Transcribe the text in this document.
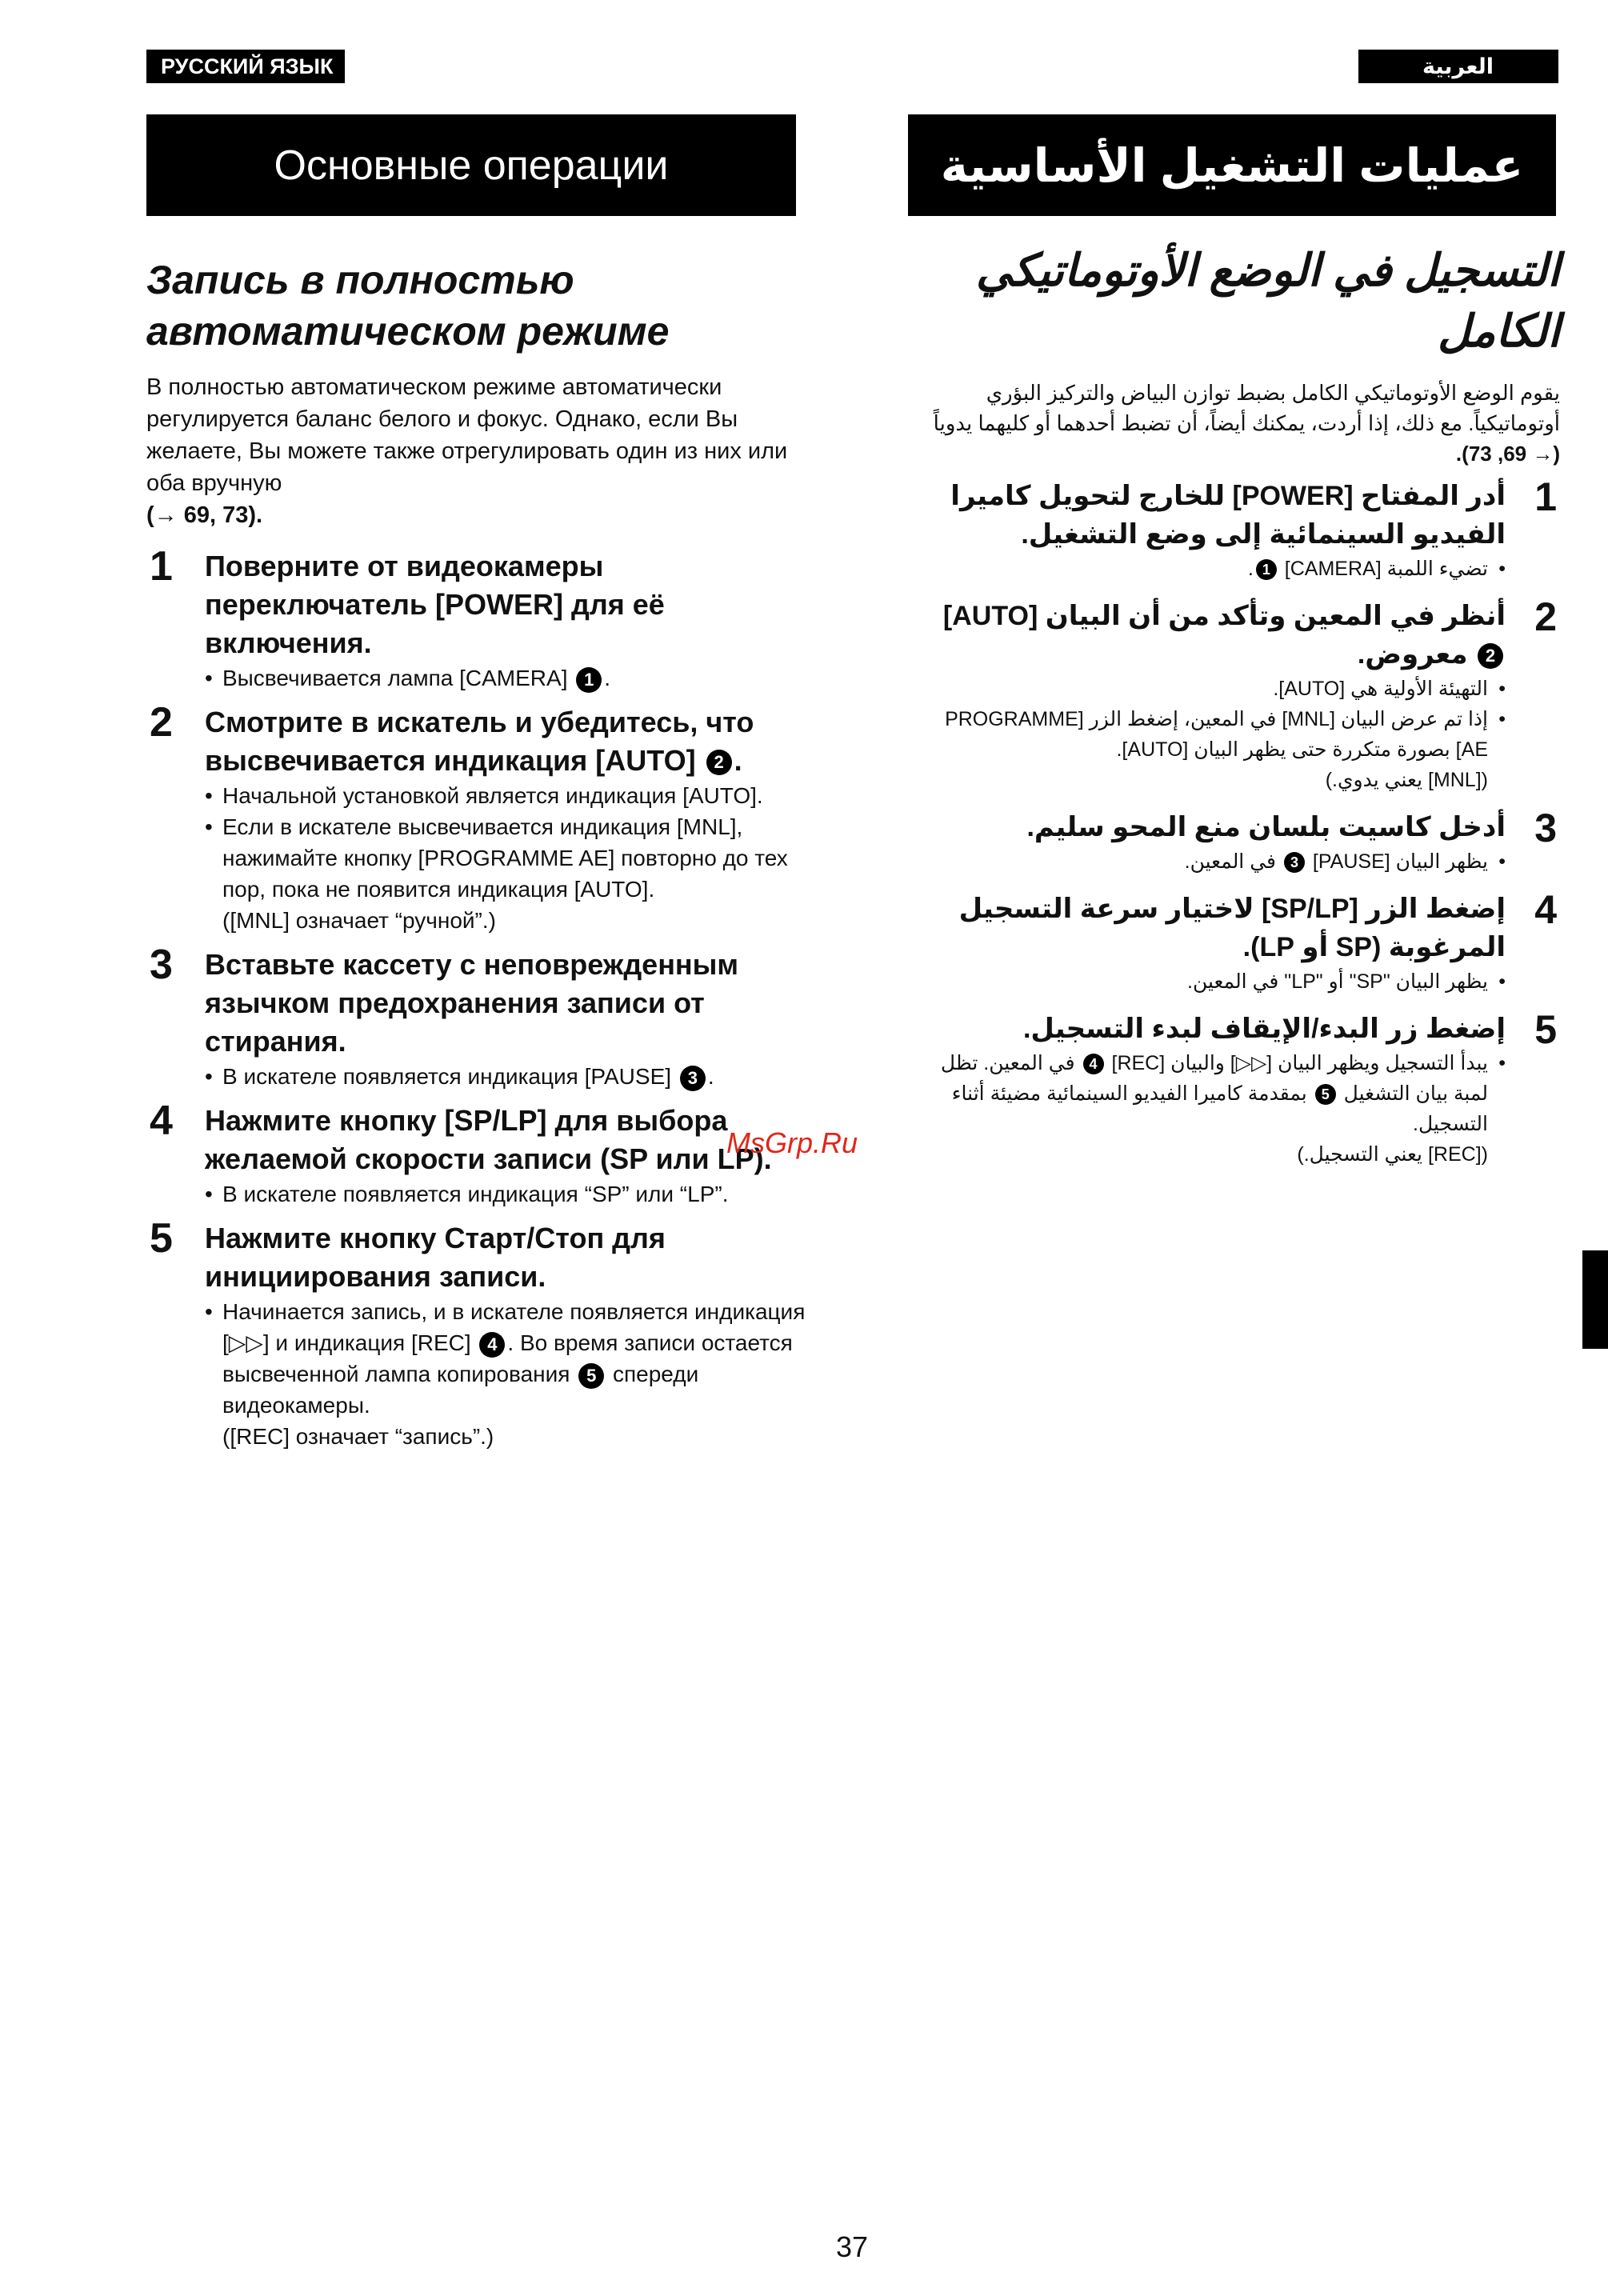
РУССКИЙ ЯЗЫК	العربية
Основные операции	عمليات التشغيل الأساسية
Запись в полностью автоматическом режиме

В полностью автоматическом режиме автоматически регулируется баланс белого и фокус. Однако, если Вы желаете, Вы можете также отрегулировать один из них или оба вручную
(→ 69, 73).

1 Поверните от видеокамеры переключатель [POWER] для её включения.
• Высвечивается лампа [CAMERA] 1 .
2 Смотрите в искатель и убедитесь, что высвечивается индикация [AUTO] 2 .
• Начальной установкой является индикация [AUTO].
• Если в искателе высвечивается индикация [MNL], нажимайте кнопку [PROGRAMME AE] повторно до тех пор, пока не появится индикация [AUTO].
([MNL] означает “ручной”.)
3 Вставьте кассету с неповрежденным язычком предохранения записи от стирания.
• В искателе появляется индикация [PAUSE] 3 .
4 Нажмите кнопку [SP/LP] для выбора желаемой скорости записи (SP или LP).
• В искателе появляется индикация “SP” или “LP”.
5 Нажмите кнопку Старт/Стоп для инициирования записи.
• Начинается запись, и в искателе появляется индикация [▷▷] и индикация [REC] 4 . Во время записи остается высвеченной лампа копирования 5 спереди видеокамеры.
([REC] означает “запись”.)
التسجيل في الوضع الأوتوماتيكي الكامل

يقوم الوضع الأوتوماتيكي الكامل بضبط توازن البياض والتركيز البؤري أوتوماتيكياً. مع ذلك، إذا أردت، يمكنك أيضاً، أن تضبط أحدهما أو كليهما يدوياً (→ 69, 73).

1
أدر المفتاح [POWER] للخارج لتحويل كاميرا الفيديو السينمائية إلى وضع التشغيل.
• تضيء اللمبة [CAMERA] 1.
2
أنظر في المعين وتأكد من أن البيان [AUTO] 2 معروض.
• التهيئة الأولية هي [AUTO].
• إذا تم عرض البيان [MNL] في المعين، إضغط الزر [PROGRAMME AE] بصورة متكررة حتى يظهر البيان [AUTO].
([MNL] يعني يدوي.)
3
أدخل كاسيت بلسان منع المحو سليم.
• يظهر البيان [PAUSE] 3 في المعين.
4
إضغط الزر [SP/LP] لاختيار سرعة التسجيل المرغوبة (SP أو LP).
• يظهر البيان "SP" أو "LP" في المعين.
5
إضغط زر البدء/الإيقاف لبدء التسجيل.
• يبدأ التسجيل ويظهر البيان [▷▷] والبيان [REC] 4 في المعين. تظل لمبة بيان التشغيل 5 بمقدمة كاميرا الفيديو السينمائية مضيئة أثناء التسجيل.
([REC] يعني التسجيل.)
MsGrp.Ru
37
